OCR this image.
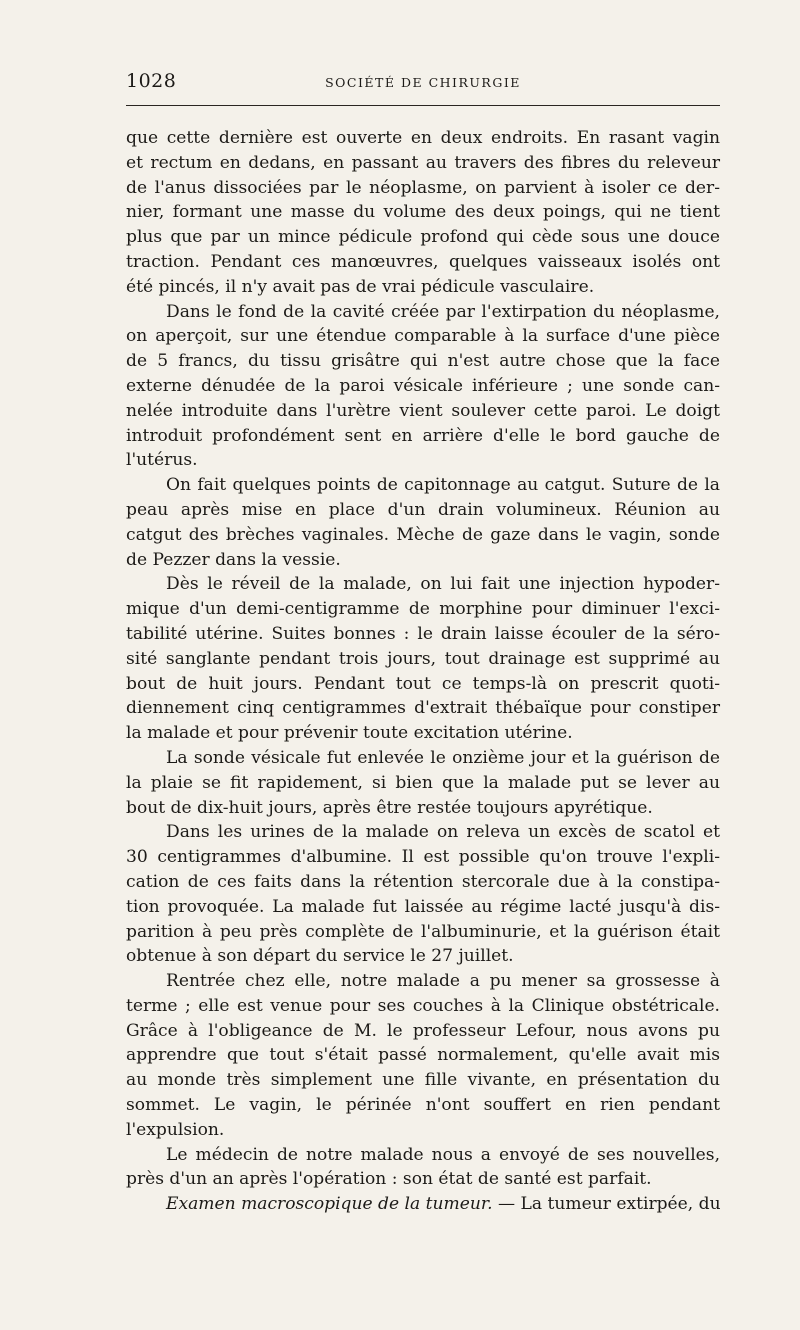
1028	SOCIÉTÉ DE CHIRURGIE

que cette dernière est ouverte en deux endroits. En rasant vagin
et rectum en dedans, en passant au travers des fibres du releveur
de l'anus dissociées par le néoplasme, on parvient à isoler ce der-
nier, formant une masse du volume des deux poings, qui ne tient
plus que par un mince pédicule profond qui cède sous une douce
traction. Pendant ces manœuvres, quelques vaisseaux isolés ont
été pincés, il n'y avait pas de vrai pédicule vasculaire.

Dans le fond de la cavité créée par l'extirpation du néoplasme,
on aperçoit, sur une étendue comparable à la surface d'une pièce
de 5 francs, du tissu grisâtre qui n'est autre chose que la face
externe dénudée de la paroi vésicale inférieure ; une sonde can-
nelée introduite dans l'urètre vient soulever cette paroi. Le doigt
introduit profondément sent en arrière d'elle le bord gauche de
l'utérus.

On fait quelques points de capitonnage au catgut. Suture de la
peau après mise en place d'un drain volumineux. Réunion au
catgut des brèches vaginales. Mèche de gaze dans le vagin, sonde
de Pezzer dans la vessie.

Dès le réveil de la malade, on lui fait une injection hypoder-
mique d'un demi-centigramme de morphine pour diminuer l'exci-
tabilité utérine. Suites bonnes : le drain laisse écouler de la séro-
sité sanglante pendant trois jours, tout drainage est supprimé au
bout de huit jours. Pendant tout ce temps-là on prescrit quoti-
diennement cinq centigrammes d'extrait thébaïque pour constiper
la malade et pour prévenir toute excitation utérine.

La sonde vésicale fut enlevée le onzième jour et la guérison de
la plaie se fit rapidement, si bien que la malade put se lever au
bout de dix-huit jours, après être restée toujours apyrétique.

Dans les urines de la malade on releva un excès de scatol et
30 centigrammes d'albumine. Il est possible qu'on trouve l'expli-
cation de ces faits dans la rétention stercorale due à la constipa-
tion provoquée. La malade fut laissée au régime lacté jusqu'à dis-
parition à peu près complète de l'albuminurie, et la guérison était
obtenue à son départ du service le 27 juillet.

Rentrée chez elle, notre malade a pu mener sa grossesse à
terme ; elle est venue pour ses couches à la Clinique obstétricale.
Grâce à l'obligeance de M. le professeur Lefour, nous avons pu
apprendre que tout s'était passé normalement, qu'elle avait mis
au monde très simplement une fille vivante, en présentation du
sommet. Le vagin, le périnée n'ont souffert en rien pendant
l'expulsion.

Le médecin de notre malade nous a envoyé de ses nouvelles,
près d'un an après l'opération : son état de santé est parfait.

Examen macroscopique de la tumeur. — La tumeur extirpée, du
